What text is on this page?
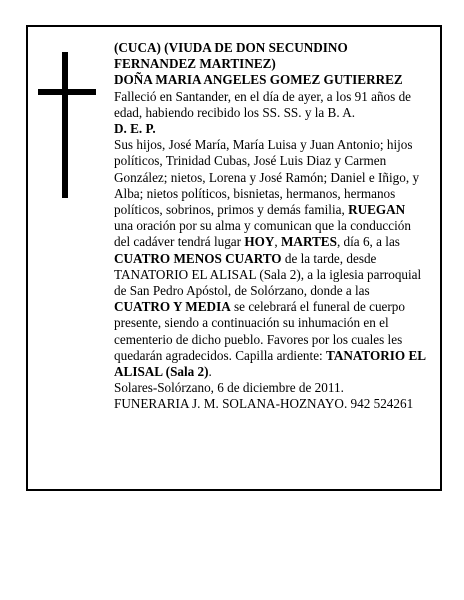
(CUCA) (VIUDA DE DON SECUNDINO FERNANDEZ MARTINEZ)

DOÑA MARIA ANGELES GOMEZ GUTIERREZ

Falleció en Santander, en el día de ayer, a los 91 años de edad, habiendo recibido los SS. SS. y la B. A.

D. E. P.

Sus hijos, José María, María Luisa y Juan Antonio; hijos políticos, Trinidad Cubas, José Luis Diaz y Carmen González; nietos, Lorena y José Ramón; Daniel e Iñigo, y Alba; nietos políticos, bisnietas, hermanos, hermanos políticos, sobrinos, primos y demás familia, RUEGAN una oración por su alma y comunican que la conducción del cadáver tendrá lugar HOY, MARTES, día 6, a las CUATRO MENOS CUARTO de la tarde, desde TANATORIO EL ALISAL (Sala 2), a la iglesia parroquial de San Pedro Apóstol, de Solórzano, donde a las CUATRO Y MEDIA se celebrará el funeral de cuerpo presente, siendo a continuación su inhumación en el cementerio de dicho pueblo. Favores por los cuales les quedarán agradecidos. Capilla ardiente: TANATORIO EL ALISAL (Sala 2).

Solares-Solórzano, 6 de diciembre de 2011.

FUNERARIA J. M. SOLANA-HOZNAYO. 942 524261
